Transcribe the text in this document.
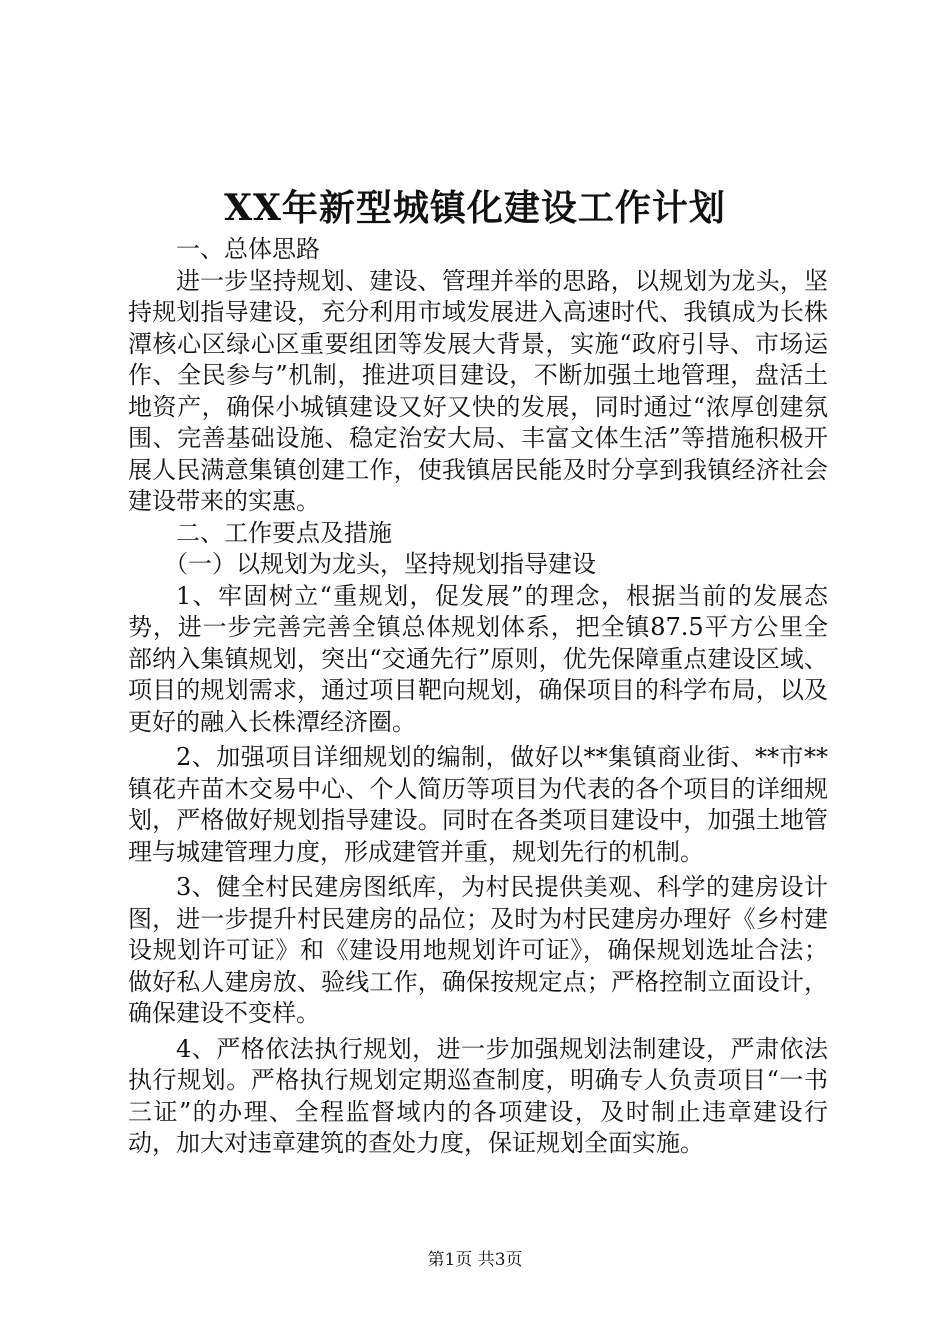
XX年新型城镇化建设工作计划

一、总体思路

进一步坚持规划、建设、管理并举的思路，以规划为龙头，坚持规划指导建设，充分利用市域发展进入高速时代、我镇成为长株潭核心区绿心区重要组团等发展大背景，实施“政府引导、市场运作、全民参与”机制，推进项目建设，不断加强土地管理，盘活土地资产，确保小城镇建设又好又快的发展，同时通过“浓厚创建氛围、完善基础设施、稳定治安大局、丰富文体生活”等措施积极开展人民满意集镇创建工作，使我镇居民能及时分享到我镇经济社会建设带来的实惠。

二、工作要点及措施

（一）以规划为龙头，坚持规划指导建设

1、牢固树立“重规划，促发展”的理念，根据当前的发展态势，进一步完善完善全镇总体规划体系，把全镇87.5平方公里全部纳入集镇规划，突出“交通先行”原则，优先保障重点建设区域、项目的规划需求，通过项目靶向规划，确保项目的科学布局，以及更好的融入长株潭经济圈。

2、加强项目详细规划的编制，做好以**集镇商业街、**市**镇花卉苗木交易中心、个人简历等项目为代表的各个项目的详细规划，严格做好规划指导建设。同时在各类项目建设中，加强土地管理与城建管理力度，形成建管并重，规划先行的机制。

3、健全村民建房图纸库，为村民提供美观、科学的建房设计图，进一步提升村民建房的品位；及时为村民建房办理好《乡村建设规划许可证》和《建设用地规划许可证》，确保规划选址合法；做好私人建房放、验线工作，确保按规定点；严格控制立面设计，确保建设不变样。

4、严格依法执行规划，进一步加强规划法制建设，严肃依法执行规划。严格执行规划定期巡查制度，明确专人负责项目“一书三证”的办理、全程监督域内的各项建设，及时制止违章建设行动，加大对违章建筑的查处力度，保证规划全面实施。

第1页 共3页
